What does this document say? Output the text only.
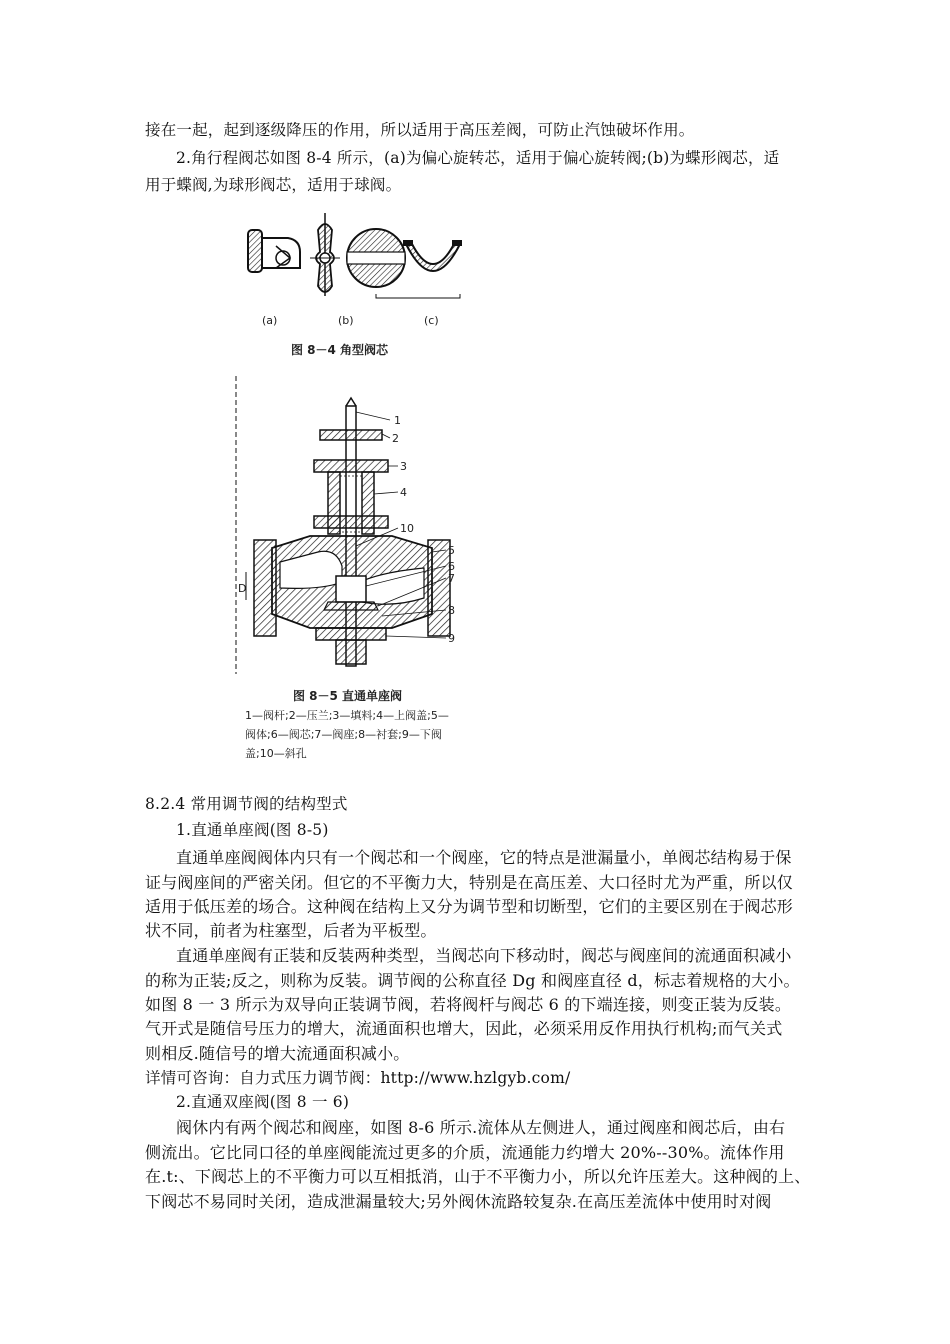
接在一起，起到逐级降压的作用，所以适用于高压差阀，可防止汽蚀破坏作用。
2.角行程阀芯如图 8-4 所示，(a)为偏心旋转芯，适用于偏心旋转阀;(b)为蝶形阀芯，适
用于蝶阀,为球形阀芯，适用于球阀。
(a)	(b)	(c)
图 8－4 角型阀芯
D
1
2
3
4
10
5
6
7
8
9
图 8－5 直通单座阀
1—阀杆;2—压兰;3—填料;4—上阀盖;5—
阀体;6—阀芯;7—阀座;8—衬套;9—下阀
盖;10—斜孔
8.2.4 常用调节阀的结构型式
1.直通单座阀(图 8-5)
直通单座阀阀体内只有一个阀芯和一个阀座，它的特点是泄漏量小，单阀芯结构易于保
证与阀座间的严密关闭。但它的不平衡力大，特别是在高压差、大口径时尤为严重，所以仅
适用于低压差的场合。这种阀在结构上又分为调节型和切断型，它们的主要区别在于阀芯形
状不同，前者为柱塞型，后者为平板型。
直通单座阀有正装和反装两种类型，当阀芯向下移动时，阀芯与阀座间的流通面积减小
的称为正装;反之，则称为反装。调节阀的公称直径 Dg 和阀座直径 d，标志着规格的大小。
如图 8 一 3 所示为双导向正装调节阀，若将阀杆与阀芯 6 的下端连接，则变正装为反装。
气开式是随信号压力的增大，流通面积也增大，因此，必须采用反作用执行机构;而气关式
则相反.随信号的增大流通面积减小。
详情可咨询：自力式压力调节阀：http://www.hzlgyb.com/
2.直通双座阀(图 8 一 6)
阀休内有两个阀芯和阀座，如图 8-6 所示.流体从左侧进人，通过阀座和阀芯后，由右
侧流出。它比同口径的单座阀能流过更多的介质，流通能力约增大 20%--30%。流体作用
在.t:、下阀芯上的不平衡力可以互相抵消，山于不平衡力小，所以允许压差大。这种阀的上、
下阀芯不易同时关闭，造成泄漏量较大;另外阀休流路较复杂.在高压差流体中使用时对阀
